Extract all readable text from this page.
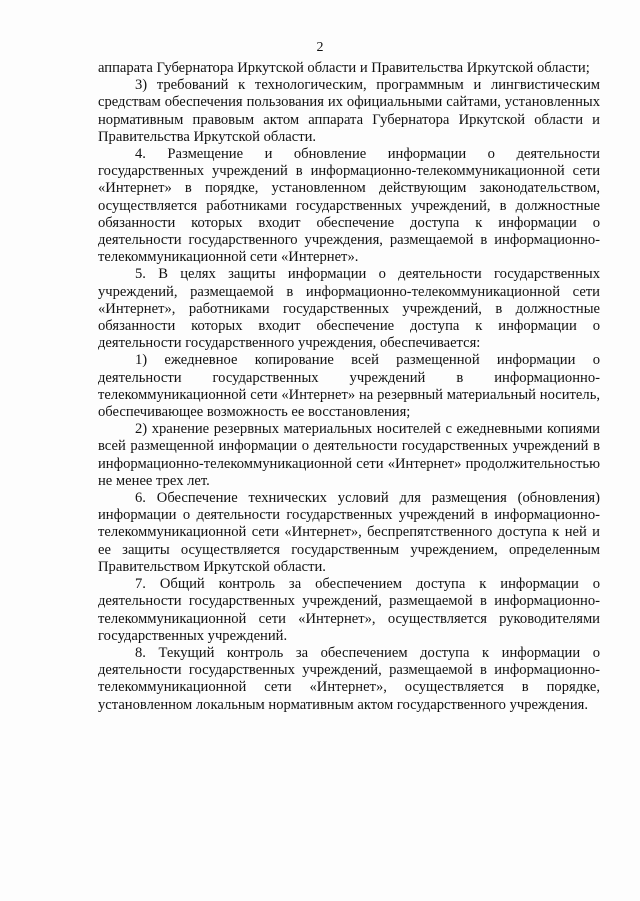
2

аппарата Губернатора Иркутской области и Правительства Иркутской области;

3) требований к технологическим, программным и лингвистическим средствам обеспечения пользования их официальными сайтами, установленных нормативным правовым актом аппарата Губернатора Иркутской области и Правительства Иркутской области.

4. Размещение и обновление информации о деятельности государственных учреждений в информационно-телекоммуникационной сети «Интернет» в порядке, установленном действующим законодательством, осуществляется работниками государственных учреждений, в должностные обязанности которых входит обеспечение доступа к информации о деятельности государственного учреждения, размещаемой в информационно-телекоммуникационной сети «Интернет».

5. В целях защиты информации о деятельности государственных учреждений, размещаемой в информационно-телекоммуникационной сети «Интернет», работниками государственных учреждений, в должностные обязанности которых входит обеспечение доступа к информации о деятельности государственного учреждения, обеспечивается:

1) ежедневное копирование всей размещенной информации о деятельности государственных учреждений в информационно-телекоммуникационной сети «Интернет» на резервный материальный носитель, обеспечивающее возможность ее восстановления;

2) хранение резервных материальных носителей с ежедневными копиями всей размещенной информации о деятельности государственных учреждений в информационно-телекоммуникационной сети «Интернет» продолжительностью не менее трех лет.

6. Обеспечение технических условий для размещения (обновления) информации о деятельности государственных учреждений в информационно-телекоммуникационной сети «Интернет», беспрепятственного доступа к ней и ее защиты осуществляется государственным учреждением, определенным Правительством Иркутской области.

7. Общий контроль за обеспечением доступа к информации о деятельности государственных учреждений, размещаемой в информационно-телекоммуникационной сети «Интернет», осуществляется руководителями государственных учреждений.

8. Текущий контроль за обеспечением доступа к информации о деятельности государственных учреждений, размещаемой в информационно-телекоммуникационной сети «Интернет», осуществляется в порядке, установленном локальным нормативным актом государственного учреждения.
